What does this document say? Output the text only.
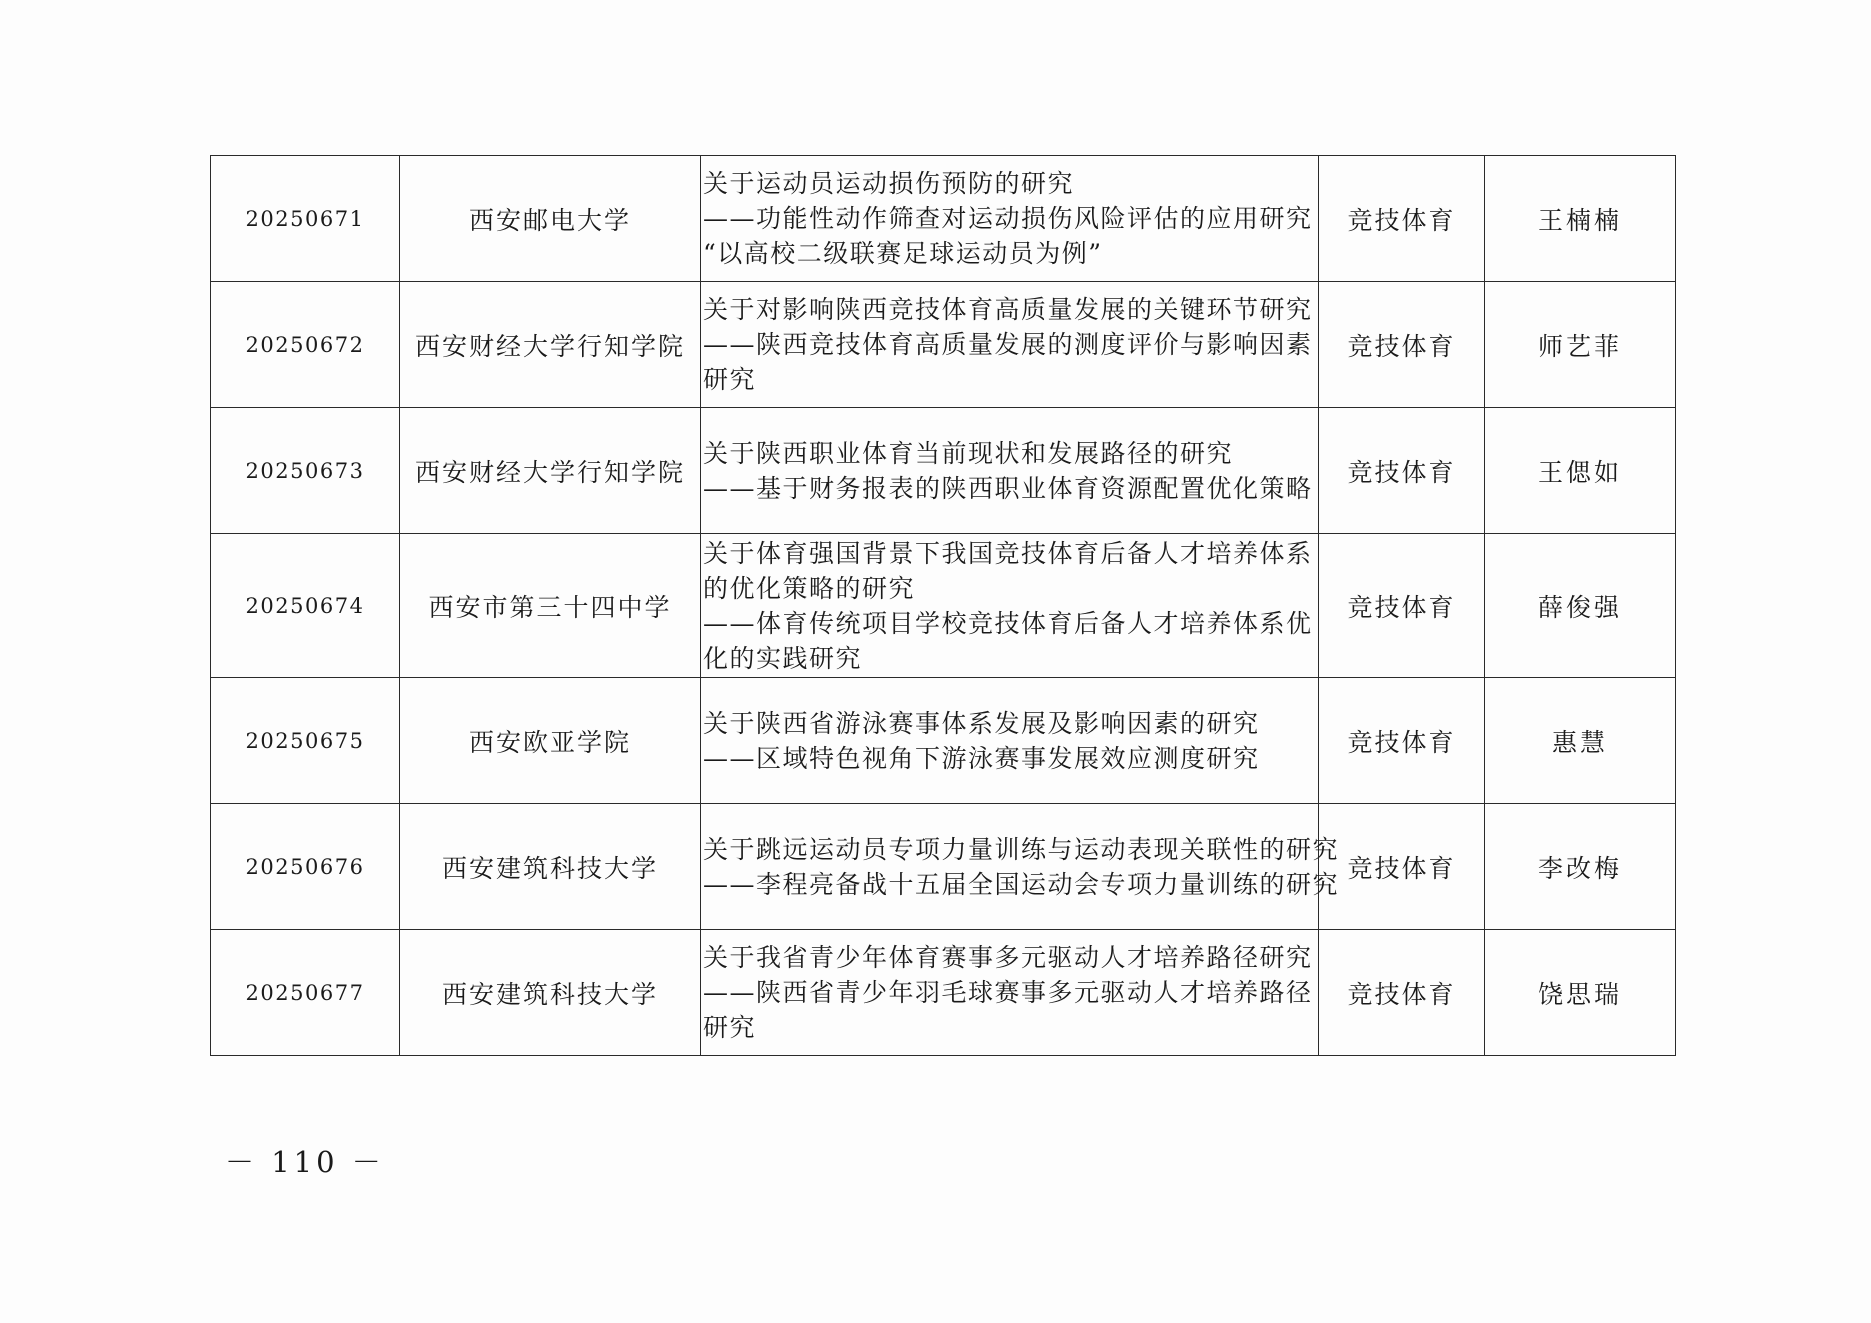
20250671	西安邮电大学	关于运动员运动损伤预防的研究
——功能性动作筛查对运动损伤风险评估的应用研究
“以高校二级联赛足球运动员为例”	竞技体育	王楠楠
20250672	西安财经大学行知学院	关于对影响陕西竞技体育高质量发展的关键环节研究
——陕西竞技体育高质量发展的测度评价与影响因素
研究	竞技体育	师艺菲
20250673	西安财经大学行知学院	关于陕西职业体育当前现状和发展路径的研究
——基于财务报表的陕西职业体育资源配置优化策略	竞技体育	王偲如
20250674	西安市第三十四中学	关于体育强国背景下我国竞技体育后备人才培养体系
的优化策略的研究
——体育传统项目学校竞技体育后备人才培养体系优
化的实践研究	竞技体育	薛俊强
20250675	西安欧亚学院	关于陕西省游泳赛事体系发展及影响因素的研究
——区域特色视角下游泳赛事发展效应测度研究	竞技体育	惠慧
20250676	西安建筑科技大学	关于跳远运动员专项力量训练与运动表现关联性的研究
——李程亮备战十五届全国运动会专项力量训练的研究	竞技体育	李改梅
20250677	西安建筑科技大学	关于我省青少年体育赛事多元驱动人才培养路径研究
——陕西省青少年羽毛球赛事多元驱动人才培养路径
研究	竞技体育	饶思瑞
－ 110 －
